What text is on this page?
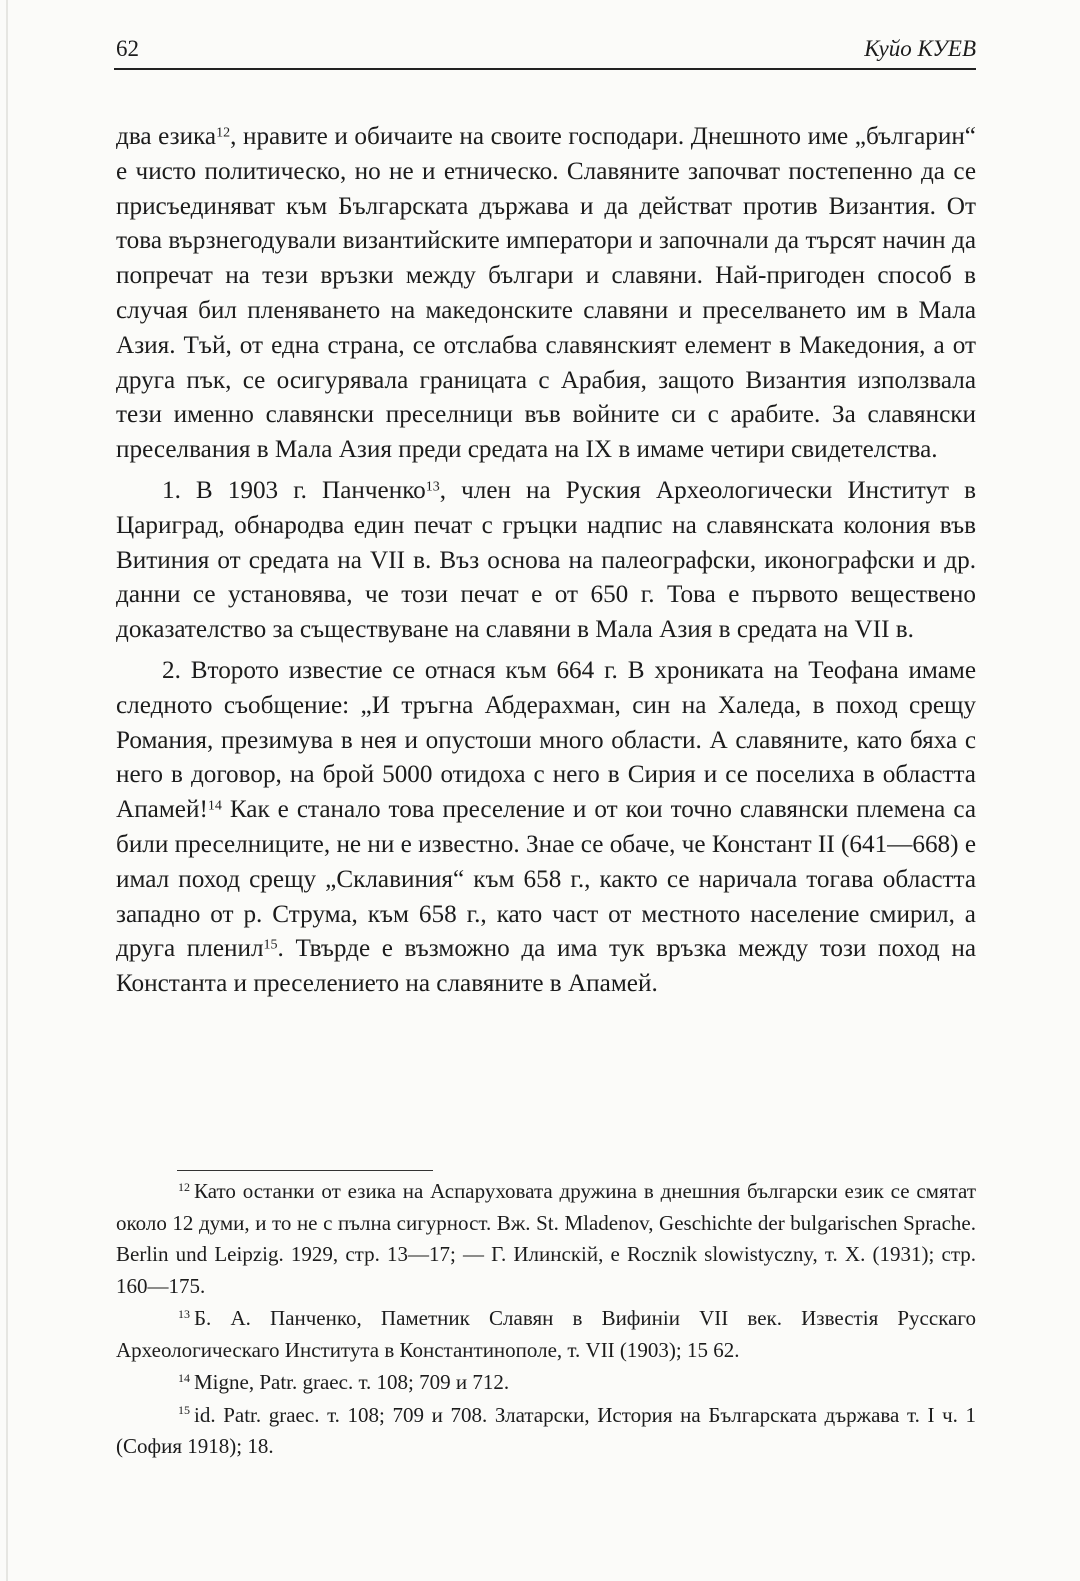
62	Куйо КУЕВ

два езика$^{12}$, нравите и обичаите на своите господари. Днешното име „българин“ е чисто политическо, но не и етническо. Славяните започват постепенно да се присъединяват към Българската държава и да действат против Византия. От това вързнегодували византийските императори и започнали да търсят начин да попречат на тези връзки между българи и славяни. Най-пригоден способ в случая бил пленяването на македонските славяни и преселването им в Мала Азия. Тъй, от една страна, се отслабва славянският елемент в Македония, а от друга пък, се осигурявала границата с Арабия, защото Византия използвала тези именно славянски преселници във войните си с арабите. За славянски преселвания в Мала Азия преди средата на IX в имаме четири свидетелства.

1. В 1903 г. Панченко$^{13}$, член на Руския Археологически Институт в Цариград, обнародва един печат с гръцки надпис на славянската колония във Витиния от средата на VII в. Въз основа на палеографски, иконографски и др. данни се установява, че този печат е от 650 г. Това е първото веществено доказателство за съществуване на славяни в Мала Азия в средата на VII в.

2. Второто известие се отнася към 664 г. В хрониката на Теофана имаме следното съобщение: „И тръгна Абдерахман, син на Халеда, в поход срещу Романия, презимува в нея и опустоши много области. А славяните, като бяха с него в договор, на брой 5000 отидоха с него в Сирия и се поселиха в областта Апамей!$^{14}$ Как е станало това преселение и от кои точно славянски племена са били преселниците, не ни е известно. Знае се обаче, че Констант II (641—668) е имал поход срещу „Склавиния“ към 658 г., както се наричала тогава областта западно от р. Струма, към 658 г., като част от местното население смирил, а друга пленил$^{15}$. Твърде е възможно да има тук връзка между този поход на Константа и преселението на славяните в Апамей.

$^{12}$ Като останки от езика на Аспаруховата дружина в днешния български език се смятат около 12 думи, и то не с пълна сигурност. Вж. St. Mladenov, Geschichte der bulgarischen Sprache. Berlin und Leipzig. 1929, стр. 13—17; — Г. Илинскій, е Rocznik slowistyczny, т. X. (1931); стр. 160—175.

$^{13}$ Б. А. Панченко, Паметник Славян в Вифиніи VII век. Известія Русскаго Археологическаго Института в Константинополе, т. VII (1903); 15 62.

$^{14}$ Migne, Patr. graec. т. 108; 709 и 712.

$^{15}$ id. Patr. graec. т. 108; 709 и 708. Златарски, История на Българската държава т. I ч. 1 (София 1918); 18.
